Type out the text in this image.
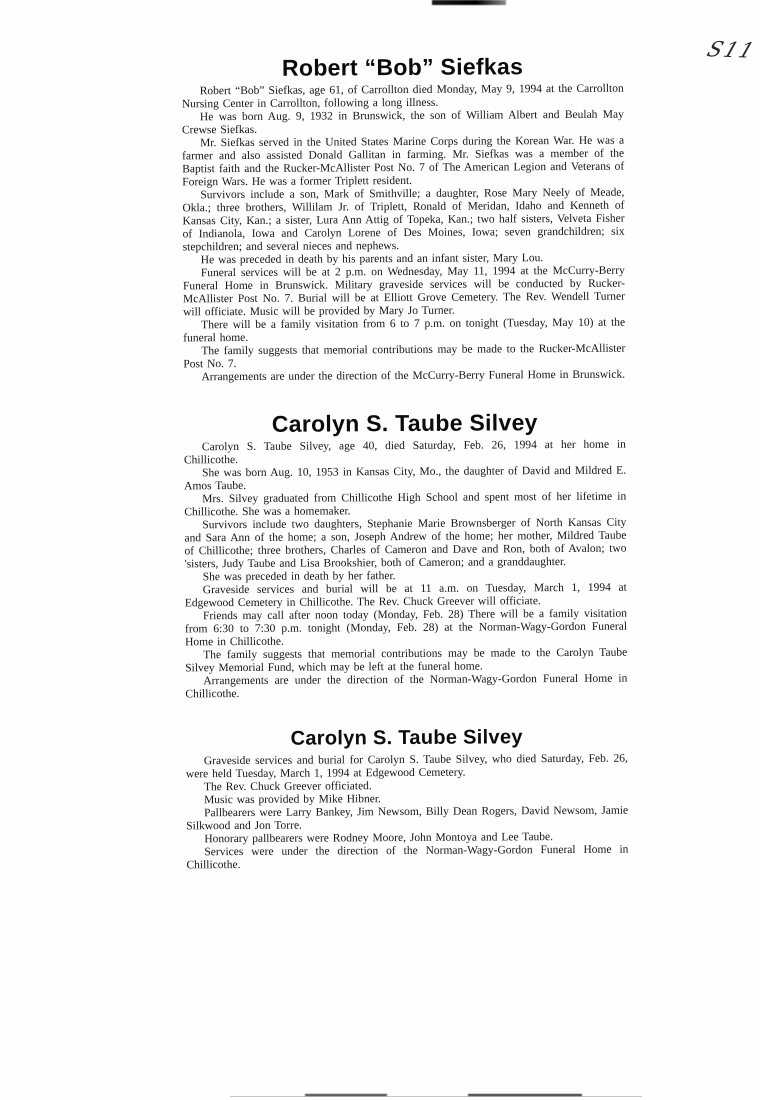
S11
Robert “Bob” Siefkas

Robert “Bob” Siefkas, age 61, of Carrollton died Monday, May 9, 1994 at the Carrollton Nursing Center in Carrollton, following a long illness.

He was born Aug. 9, 1932 in Brunswick, the son of William Albert and Beulah May Crewse Siefkas.

Mr. Siefkas served in the United States Marine Corps during the Korean War. He was a farmer and also assisted Donald Gallitan in farming. Mr. Siefkas was a member of the Baptist faith and the Rucker-McAllister Post No. 7 of The American Legion and Veterans of Foreign Wars. He was a former Triplett resident.

Survivors include a son, Mark of Smithville; a daughter, Rose Mary Neely of Meade, Okla.; three brothers, Willilam Jr. of Triplett, Ronald of Meridan, Idaho and Kenneth of Kansas City, Kan.; a sister, Lura Ann Attig of Topeka, Kan.; two half sisters, Velveta Fisher of Indianola, Iowa and Carolyn Lorene of Des Moines, Iowa; seven grandchildren; six stepchildren; and several nieces and nephews.

He was preceded in death by his parents and an infant sister, Mary Lou.

Funeral services will be at 2 p.m. on Wednesday, May 11, 1994 at the McCurry-Berry Funeral Home in Brunswick. Military graveside services will be conducted by Rucker-McAllister Post No. 7. Burial will be at Elliott Grove Cemetery. The Rev. Wendell Turner will officiate. Music will be provided by Mary Jo Turner.

There will be a family visitation from 6 to 7 p.m. on tonight (Tuesday, May 10) at the funeral home.

The family suggests that memorial contributions may be made to the Rucker-McAllister Post No. 7.

Arrangements are under the direction of the McCurry-Berry Funeral Home in Brunswick.

Carolyn S. Taube Silvey

Carolyn S. Taube Silvey, age 40, died Saturday, Feb. 26, 1994 at her home in Chillicothe.

She was born Aug. 10, 1953 in Kansas City, Mo., the daughter of David and Mildred E. Amos Taube.

Mrs. Silvey graduated from Chillicothe High School and spent most of her lifetime in Chillicothe. She was a homemaker.

Survivors include two daughters, Stephanie Marie Brownsberger of North Kansas City and Sara Ann of the home; a son, Joseph Andrew of the home; her mother, Mildred Taube of Chillicothe; three brothers, Charles of Cameron and Dave and Ron, both of Avalon; two 'sisters, Judy Taube and Lisa Brookshier, both of Cameron; and a granddaughter.

She was preceded in death by her father.

Graveside services and burial will be at 11 a.m. on Tuesday, March 1, 1994 at Edgewood Cemetery in Chillicothe. The Rev. Chuck Greever will officiate.

Friends may call after noon today (Monday, Feb. 28) There will be a family visitation from 6:30 to 7:30 p.m. tonight (Monday, Feb. 28) at the Norman-Wagy-Gordon Funeral Home in Chillicothe.

The family suggests that memorial contributions may be made to the Carolyn Taube Silvey Memorial Fund, which may be left at the funeral home.

Arrangements are under the direction of the Norman-Wagy-Gordon Funeral Home in Chillicothe.

Carolyn S. Taube Silvey

Graveside services and burial for Carolyn S. Taube Silvey, who died Saturday, Feb. 26, were held Tuesday, March 1, 1994 at Edgewood Cemetery.

The Rev. Chuck Greever officiated.

Music was provided by Mike Hibner.

Pallbearers were Larry Bankey, Jim Newsom, Billy Dean Rogers, David Newsom, Jamie Silkwood and Jon Torre.

Honorary pallbearers were Rodney Moore, John Montoya and Lee Taube.

Services were under the direction of the Norman-Wagy-Gordon Funeral Home in Chillicothe.
